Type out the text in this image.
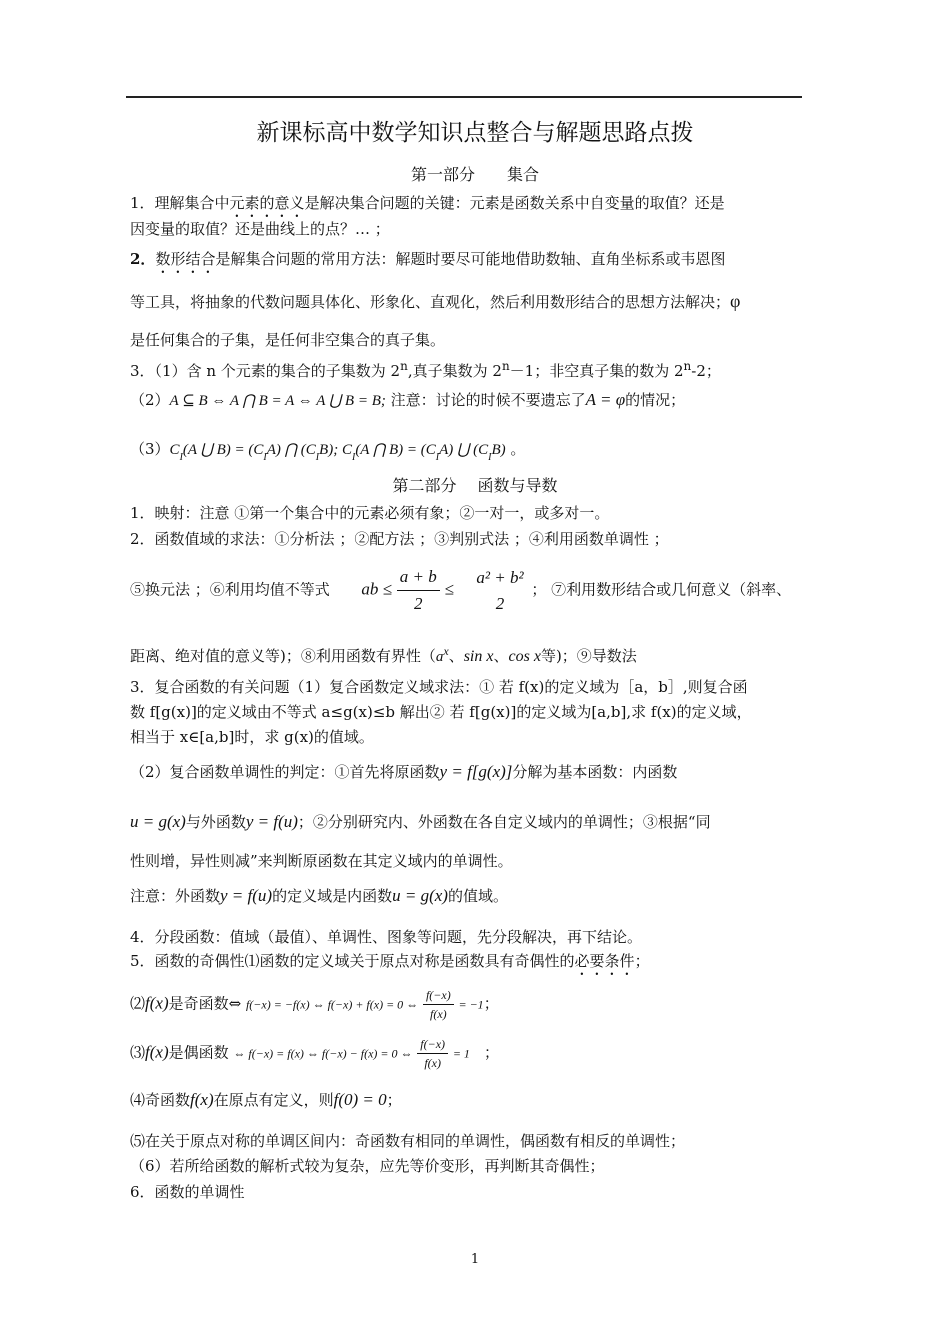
新课标高中数学知识点整合与解题思路点拨
第一部分　　集合
1．理解集合中元素的意义是解决集合问题的关键：元素是函数关系中自变量的取值？还是
因变量的取值？还是曲线上的点？… ；
2．数形结合是解集合问题的常用方法：解题时要尽可能地借助数轴、直角坐标系或韦恩图
等工具，将抽象的代数问题具体化、形象化、直观化，然后利用数形结合的思想方法解决；φ
是任何集合的子集，是任何非空集合的真子集。
3．（1）含 n 个元素的集合的子集数为 2$^n$,真子集数为 $2^n-1$；非空真子集的数为 2$^n$-2；
（2）A ⊆ B ⇔ A ⋂ B = A ⇔ A ⋃ B = B; 注意：讨论的时候不要遗忘了A = φ的情况；
$(3)C_I(A$ ⋃ $B) = (C_IA)$ ⋂ $(C_IB)$; $C_I(A$ ⋂ $B) = (C_IA)$ ⋃ $(C_IB)$ 。
第二部分　 函数与导数
1．映射：注意 ①第一个集合中的元素必须有象；②一对一，或多对一。
2．函数值域的求法：①分析法 ；②配方法 ；③判别式法 ；④利用函数单调性 ；
⑤换元法 ；⑥利用均值不等式 ab ≤ $\frac{a + b}{2}$ ≤
a² + b²
2
； ⑦利用数形结合或几何意义（斜率、
距离、绝对值的意义等)；⑧利用函数有界性（$a^x$、sin x、cos x等)；⑨导数法
3．复合函数的有关问题（1）复合函数定义域求法：① 若 f(x)的定义域为［a，b］,则复合函
数 f[g(x)]的定义域由不等式 a≤g(x)≤b 解出② 若 f[g(x)]的定义域为[a,b],求 f(x)的定义域，
相当于 x∈[a,b]时，求 g(x)的值域。
（2）复合函数单调性的判定：①首先将原函数y = f[g(x)]分解为基本函数：内函数
u = g(x)与外函数y = f(u)；②分别研究内、外函数在各自定义域内的单调性；③根据“同
性则增，异性则减”来判断原函数在其定义域内的单调性。
注意：外函数y = f(u)的定义域是内函数u = g(x)的值域。
4．分段函数：值域（最值）、单调性、图象等问题，先分段解决，再下结论。
5．函数的奇偶性⑴函数的定义域关于原点对称是函数具有奇偶性的必要条件；
⑵f(x)是奇函数⇔ f(−x) = −f(x) ⇔ f(−x) + f(x) = 0 ⇔ $\frac{f(-x)}{f(x)} = -1$；
⑶f(x)是偶函数 ⇔ f(−x) = f(x) ⇔ f(−x) − f(x) = 0 ⇔ $\frac{f(-x)}{f(x)} = 1$ ；
⑷奇函数f(x)在原点有定义，则f(0) = 0；
⑸在关于原点对称的单调区间内：奇函数有相同的单调性，偶函数有相反的单调性；
（6）若所给函数的解析式较为复杂，应先等价变形，再判断其奇偶性；
6．函数的单调性
1
